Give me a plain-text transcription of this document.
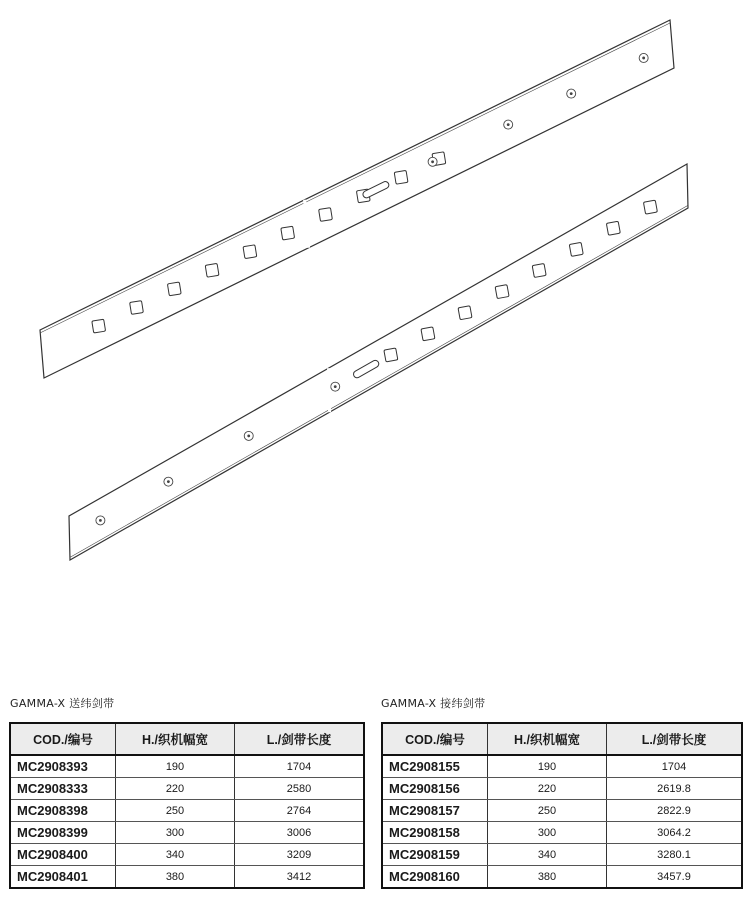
GAMMA-X 送纬剑带
COD./编号	H./织机幅宽	L./剑带长度
MC2908393	190	1704
MC2908333	220	2580
MC2908398	250	2764
MC2908399	300	3006
MC2908400	340	3209
MC2908401	380	3412
GAMMA-X 接纬剑带
COD./编号	H./织机幅宽	L./剑带长度
MC2908155	190	1704
MC2908156	220	2619.8
MC2908157	250	2822.9
MC2908158	300	3064.2
MC2908159	340	3280.1
MC2908160	380	3457.9
